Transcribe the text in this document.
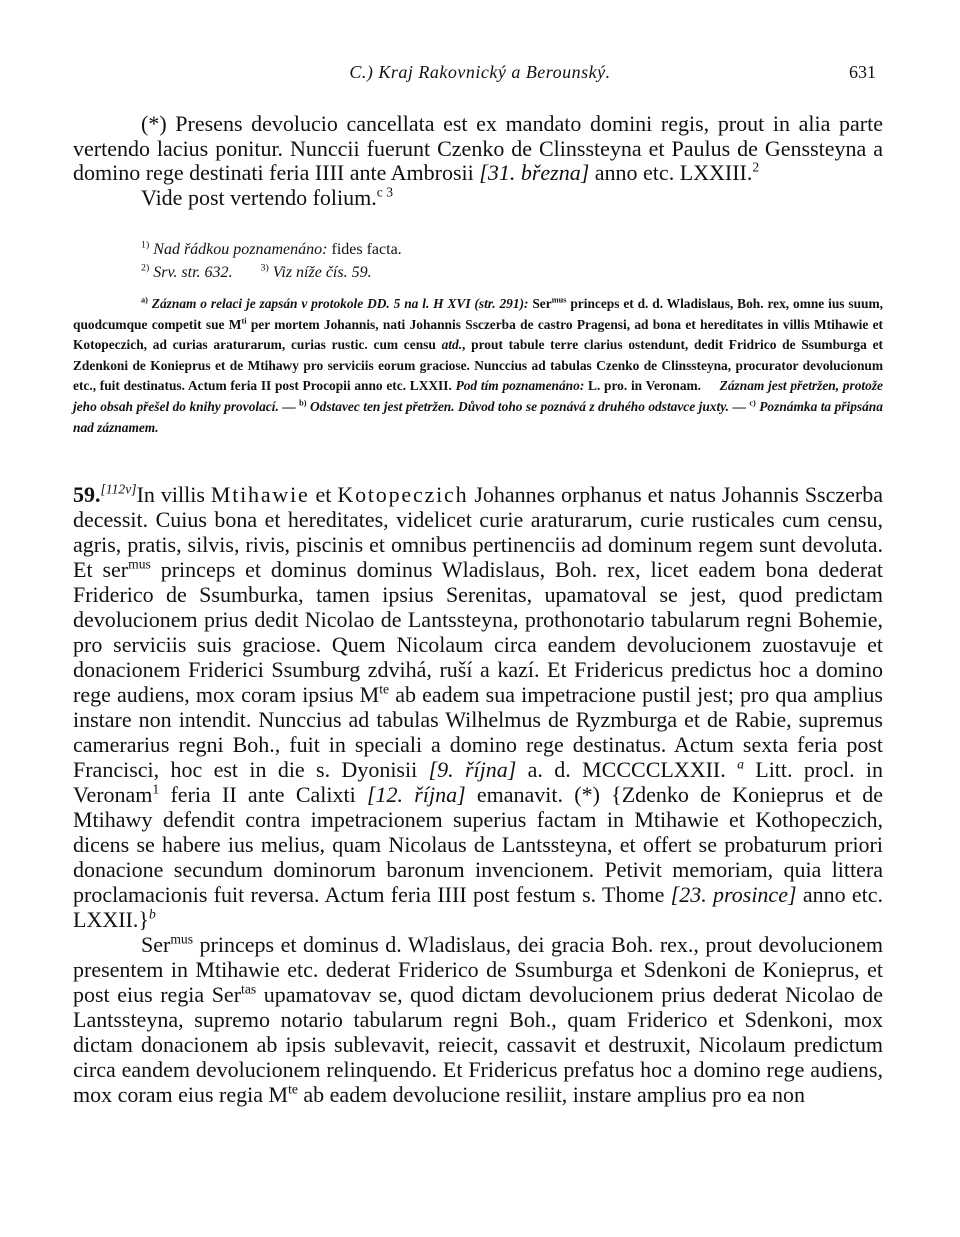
C.) Kraj Rakovnický a Berounský.	631

(*) Presens devolucio cancellata est ex mandato domini regis, prout in alia parte vertendo lacius ponitur. Nunccii fuerunt Czenko de Clinssteyna et Paulus de Genssteyna a domino rege destinati feria IIII ante Ambrosii [31. března] anno etc. LXXIII.$^2$

Vide post vertendo folium.$^{c 3}$

$^{1)}$ Nad řádkou poznamenáno: fides facta.

$^{2)}$ Srv. str. 632.	$^{3)}$ Viz níže čís. 59.

$^{a)}$ Záznam o relaci je zapsán v protokole DD. 5 na l. H XVI (str. 291): Ser$^{mus}$ princeps et d. d. Wladislaus, Boh. rex, omne ius suum, quodcumque competit sue $M^{ti}$ per mortem Johannis, nati Johannis Ssczerba de castro Pragensi, ad bona et hereditates in villis Mtihawie et Kotopeczich, ad curias araturarum, curias rustic. cum censu atd., prout tabule terre clarius ostendunt, dedit Fridrico de Ssumburga et Zdenkoni de Konieprus et de Mtihawy pro serviciis eorum graciose. Nunccius ad tabulas Czenko de Clinssteyna, procurator devolucionum etc., fuit destinatus. Actum feria II post Procopii anno etc. LXXII. Pod tím poznamenáno: L. pro. in Veronam. Záznam jest přetržen, protože jeho obsah přešel do knihy provolací. — $^{b)}$ Odstavec ten jest přetržen. Důvod toho se poznává z druhého odstavce juxty. — $^{c)}$ Poznámka ta připsána nad záznamem.

59.[112v]In villis Mtihawie et Kotopeczich Johannes orphanus et natus Johannis Ssczerba decessit. Cuius bona et hereditates, videlicet curie araturarum, curie rusticales cum censu, agris, pratis, silvis, rivis, piscinis et omnibus pertinenciis ad dominum regem sunt devoluta. Et ser$^{mus}$ princeps et dominus dominus Wladislaus, Boh. rex, licet eadem bona dederat Friderico de Ssumburka, tamen ipsius Serenitas, upamatoval se jest, quod predictam devolucionem prius dedit Nicolao de Lantssteyna, prothonotario tabularum regni Bohemie, pro serviciis suis graciose. Quem Nicolaum circa eandem devolucionem zuostavuje et donacionem Friderici Ssumburg zdvihá, ruší a kazí. Et Fridericus predictus hoc a domino rege audiens, mox coram ipsius $M^{te}$ ab eadem sua impetracione pustil jest; pro qua amplius instare non intendit. Nunccius ad tabulas Wilhelmus de Ryzmburga et de Rabie, supremus camerarius regni Boh., fuit in speciali a domino rege destinatus. Actum sexta feria post Francisci, hoc est in die s. Dyonisii [9. října] a. d. MCCCCLXXII. $^a$ Litt. procl. in Veronam$^1$ feria II ante Calixti [12. října] emanavit. (*) {Zdenko de Konieprus et de Mtihawy defendit contra impetracionem superius factam in Mtihawie et Kothopeczich, dicens se habere ius melius, quam Nicolaus de Lantssteyna, et offert se probaturum priori donacione secundum dominorum baronum invencionem. Petivit memoriam, quia littera proclamacionis fuit reversa. Actum feria IIII post festum s. Thome [23. prosince] anno etc. LXXII.}$^b$

Ser$^{mus}$ princeps et dominus d. Wladislaus, dei gracia Boh. rex., prout devolucionem presentem in Mtihawie etc. dederat Friderico de Ssumburga et Sdenkoni de Konieprus, et post eius regia Ser$^{tas}$ upamatovav se, quod dictam devolucionem prius dederat Nicolao de Lantssteyna, supremo notario tabularum regni Boh., quam Friderico et Sdenkoni, mox dictam donacionem ab ipsis sublevavit, reiecit, cassavit et destruxit, Nicolaum predictum circa eandem devolucionem relinquendo. Et Fridericus prefatus hoc a domino rege audiens, mox coram eius regia $M^{te}$ ab eadem devolucione resiliit, instare amplius pro ea non
